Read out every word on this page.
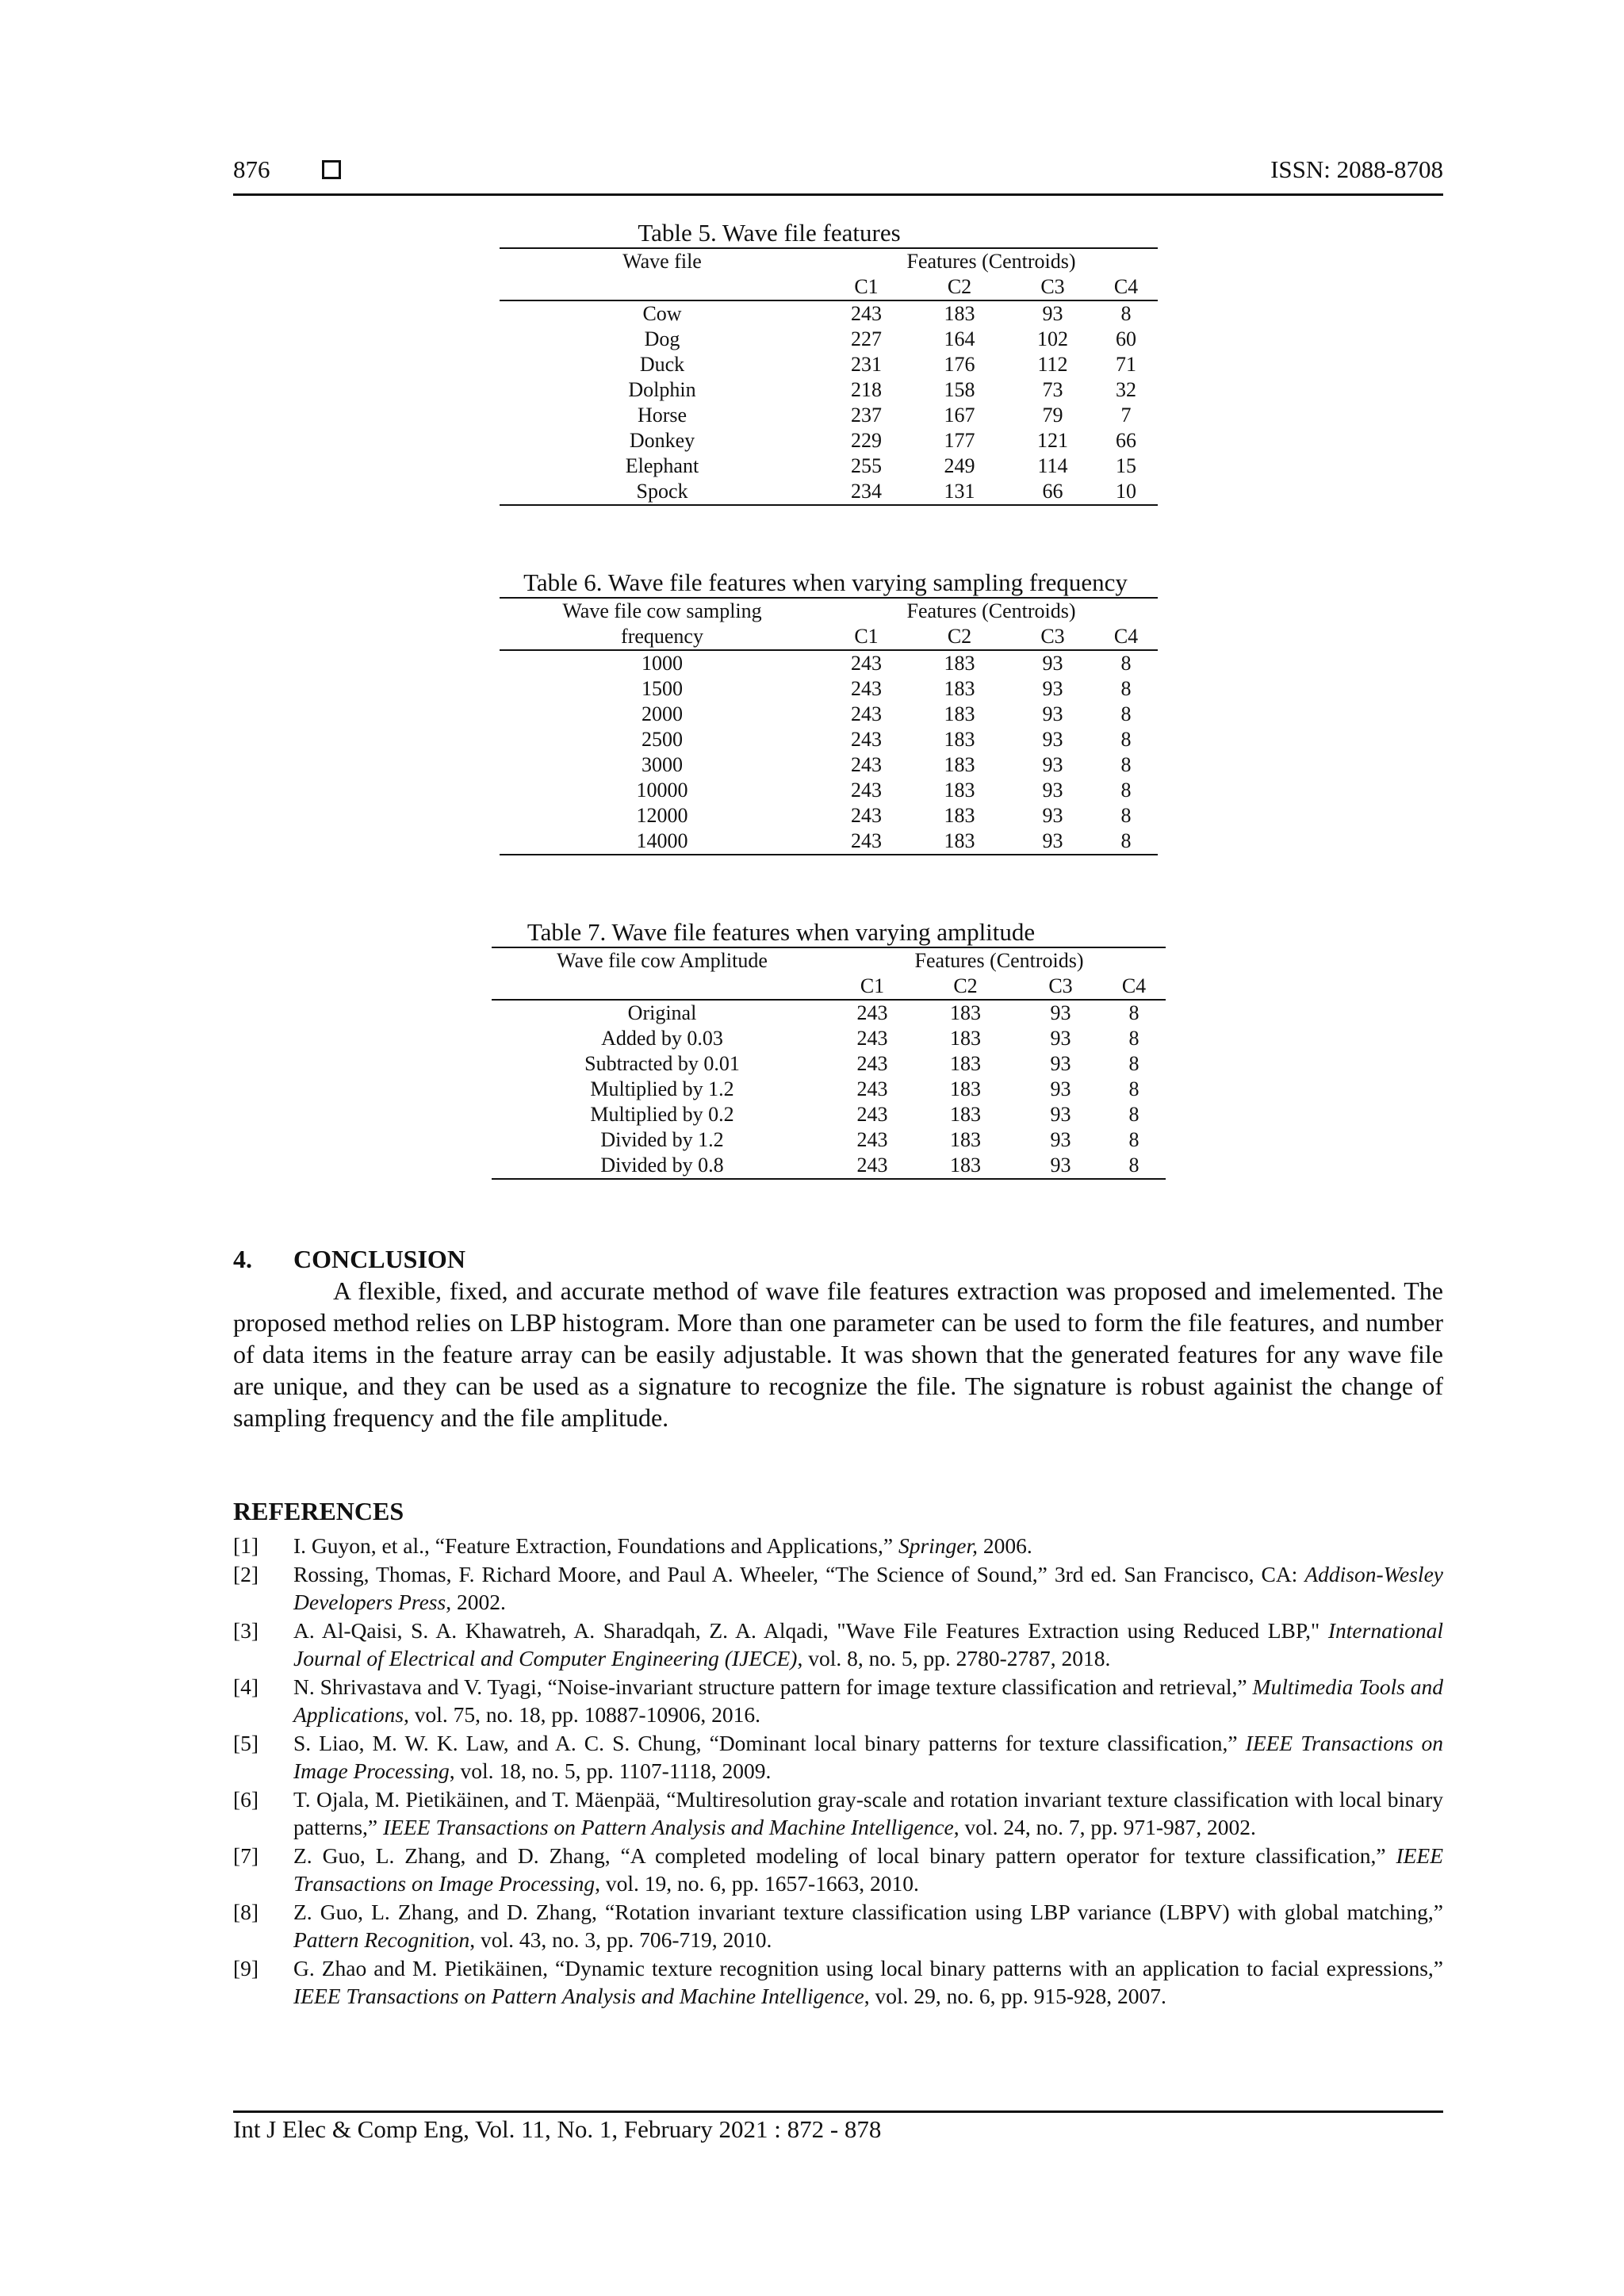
876	ISSN: 2088-8708
Table 5. Wave file features
Wave file	Features (Centroids)			
	C1	C2	C3	C4
Cow	243	183	93	8
Dog	227	164	102	60
Duck	231	176	112	71
Dolphin	218	158	73	32
Horse	237	167	79	7
Donkey	229	177	121	66
Elephant	255	249	114	15
Spock	234	131	66	10
Table 6. Wave file features when varying sampling frequency
Wave file cow sampling	Features (Centroids)			
frequency	C1	C2	C3	C4
1000	243	183	93	8
1500	243	183	93	8
2000	243	183	93	8
2500	243	183	93	8
3000	243	183	93	8
10000	243	183	93	8
12000	243	183	93	8
14000	243	183	93	8
Table 7. Wave file features when varying amplitude
Wave file cow Amplitude	Features (Centroids)			
	C1	C2	C3	C4
Original	243	183	93	8
Added by 0.03	243	183	93	8
Subtracted by 0.01	243	183	93	8
Multiplied by 1.2	243	183	93	8
Multiplied by 0.2	243	183	93	8
Divided by 1.2	243	183	93	8
Divided by 0.8	243	183	93	8
4. CONCLUSION
A flexible, fixed, and accurate method of wave file features extraction was proposed and imelemented. The proposed method relies on LBP histogram. More than one parameter can be used to form the file features, and number of data items in the feature array can be easily adjustable. It was shown that the generated features for any wave file are unique, and they can be used as a signature to recognize the file. The signature is robust againist the change of sampling frequency and the file amplitude.
REFERENCES
[1] I. Guyon, et al., “Feature Extraction, Foundations and Applications,” Springer, 2006.
[2] Rossing, Thomas, F. Richard Moore, and Paul A. Wheeler, “The Science of Sound,” 3rd ed. San Francisco, CA: Addison-Wesley Developers Press, 2002.
[3] A. Al-Qaisi, S. A. Khawatreh, A. Sharadqah, Z. A. Alqadi, "Wave File Features Extraction using Reduced LBP," International Journal of Electrical and Computer Engineering (IJECE), vol. 8, no. 5, pp. 2780-2787, 2018.
[4] N. Shrivastava and V. Tyagi, “Noise-invariant structure pattern for image texture classification and retrieval,” Multimedia Tools and Applications, vol. 75, no. 18, pp. 10887-10906, 2016.
[5] S. Liao, M. W. K. Law, and A. C. S. Chung, “Dominant local binary patterns for texture classification,” IEEE Transactions on Image Processing, vol. 18, no. 5, pp. 1107-1118, 2009.
[6] T. Ojala, M. Pietikäinen, and T. Mäenpää, “Multiresolution gray-scale and rotation invariant texture classification with local binary patterns,” IEEE Transactions on Pattern Analysis and Machine Intelligence, vol. 24, no. 7, pp. 971-987, 2002.
[7] Z. Guo, L. Zhang, and D. Zhang, “A completed modeling of local binary pattern operator for texture classification,” IEEE Transactions on Image Processing, vol. 19, no. 6, pp. 1657-1663, 2010.
[8] Z. Guo, L. Zhang, and D. Zhang, “Rotation invariant texture classification using LBP variance (LBPV) with global matching,” Pattern Recognition, vol. 43, no. 3, pp. 706-719, 2010.
[9] G. Zhao and M. Pietikäinen, “Dynamic texture recognition using local binary patterns with an application to facial expressions,” IEEE Transactions on Pattern Analysis and Machine Intelligence, vol. 29, no. 6, pp. 915-928, 2007.
Int J Elec & Comp Eng, Vol. 11, No. 1, February 2021 : 872 - 878
